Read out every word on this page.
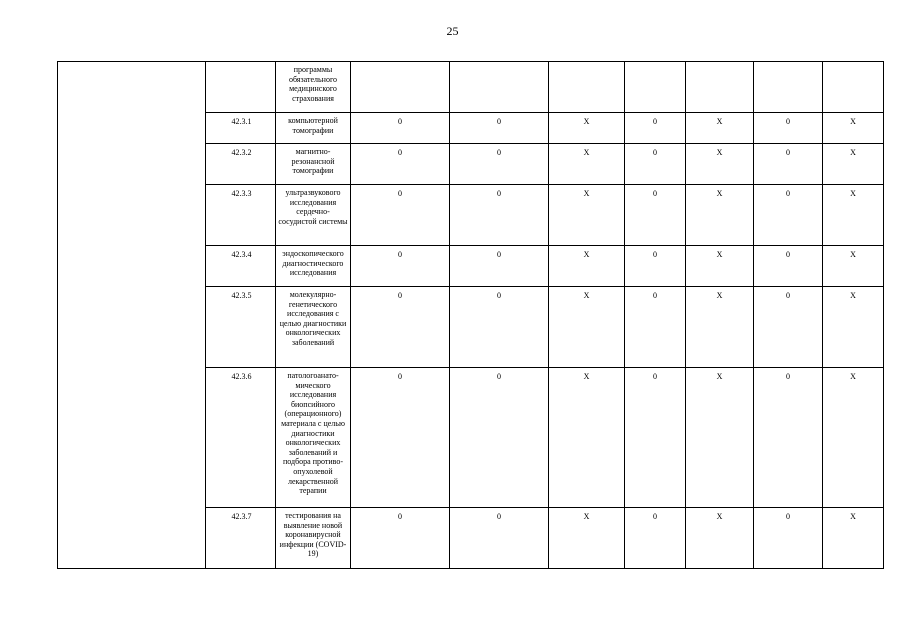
25
		программы обязательного медицинского страхования							
	42.3.1	компьютерной томографии	0	0	X	0	X	0	X
	42.3.2	магнитно-резонансной томографии	0	0	X	0	X	0	X
	42.3.3	ультразвукового исследования сердечно-сосудистой системы	0	0	X	0	X	0	X
	42.3.4	эндоскопического диагностического исследования	0	0	X	0	X	0	X
	42.3.5	молекулярно-генетического исследования с целью диагностики онкологических заболеваний	0	0	X	0	X	0	X
	42.3.6	патологоанато-мического исследования биопсийного (операционного) материала с целью диагностики онкологических заболеваний и подбора противо-опухолевой лекарственной терапии	0	0	X	0	X	0	X
	42.3.7	тестирования на выявление новой коронавирусной инфекции (COVID-19)	0	0	X	0	X	0	X
